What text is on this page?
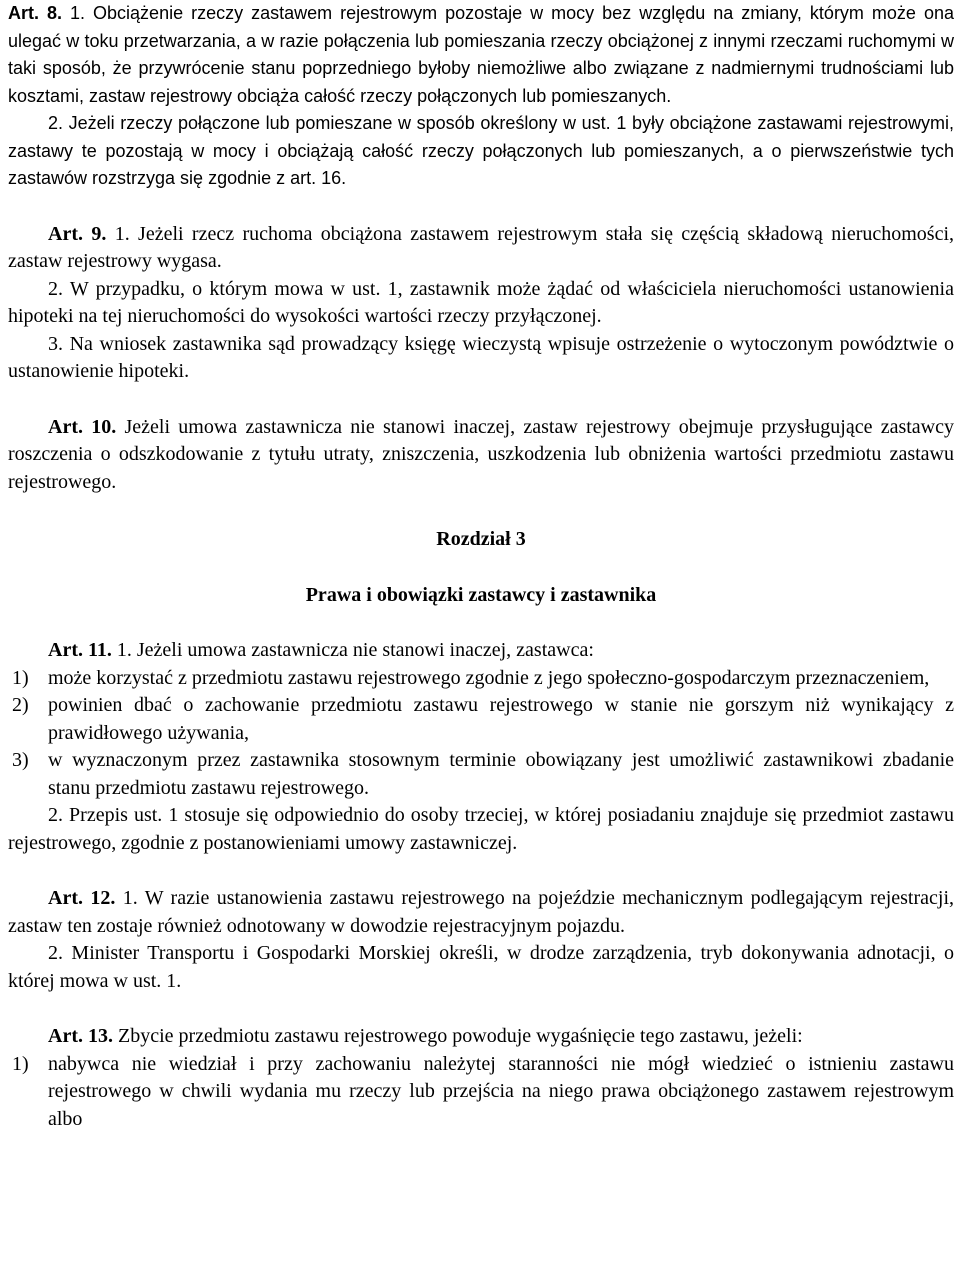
Art. 8. 1. Obciążenie rzeczy zastawem rejestrowym pozostaje w mocy bez względu na zmiany, którym może ona ulegać w toku przetwarzania, a w razie połączenia lub pomieszania rzeczy obciążonej z innymi rzeczami ruchomymi w taki sposób, że przywrócenie stanu poprzedniego byłoby niemożliwe albo związane z nadmiernymi trudnościami lub kosztami, zastaw rejestrowy obciąża całość rzeczy połączonych lub pomieszanych.

2. Jeżeli rzeczy połączone lub pomieszane w sposób określony w ust. 1 były obciążone zastawami rejestrowymi, zastawy te pozostają w mocy i obciążają całość rzeczy połączonych lub pomieszanych, a o pierwszeństwie tych zastawów rozstrzyga się zgodnie z art. 16.

Art. 9. 1. Jeżeli rzecz ruchoma obciążona zastawem rejestrowym stała się częścią składową nieruchomości, zastaw rejestrowy wygasa.

2. W przypadku, o którym mowa w ust. 1, zastawnik może żądać od właściciela nieruchomości ustanowienia hipoteki na tej nieruchomości do wysokości wartości rzeczy przyłączonej.

3. Na wniosek zastawnika sąd prowadzący księgę wieczystą wpisuje ostrzeżenie o wytoczonym powództwie o ustanowienie hipoteki.

Art. 10. Jeżeli umowa zastawnicza nie stanowi inaczej, zastaw rejestrowy obejmuje przysługujące zastawcy roszczenia o odszkodowanie z tytułu utraty, zniszczenia, uszkodzenia lub obniżenia wartości przedmiotu zastawu rejestrowego.

Rozdział 3

Prawa i obowiązki zastawcy i zastawnika

Art. 11. 1. Jeżeli umowa zastawnicza nie stanowi inaczej, zastawca:

1) może korzystać z przedmiotu zastawu rejestrowego zgodnie z jego społeczno-gospodarczym przeznaczeniem,
2) powinien dbać o zachowanie przedmiotu zastawu rejestrowego w stanie nie gorszym niż wynikający z prawidłowego używania,
3) w wyznaczonym przez zastawnika stosownym terminie obowiązany jest umożliwić zastawnikowi zbadanie stanu przedmiotu zastawu rejestrowego.

2. Przepis ust. 1 stosuje się odpowiednio do osoby trzeciej, w której posiadaniu znajduje się przedmiot zastawu rejestrowego, zgodnie z postanowieniami umowy zastawniczej.

Art. 12. 1. W razie ustanowienia zastawu rejestrowego na pojeździe mechanicznym podlegającym rejestracji, zastaw ten zostaje również odnotowany w dowodzie rejestracyjnym pojazdu.

2. Minister Transportu i Gospodarki Morskiej określi, w drodze zarządzenia, tryb dokonywania adnotacji, o której mowa w ust. 1.

Art. 13. Zbycie przedmiotu zastawu rejestrowego powoduje wygaśnięcie tego zastawu, jeżeli:

1) nabywca nie wiedział i przy zachowaniu należytej staranności nie mógł wiedzieć o istnieniu zastawu rejestrowego w chwili wydania mu rzeczy lub przejścia na niego prawa obciążonego zastawem rejestrowym albo
